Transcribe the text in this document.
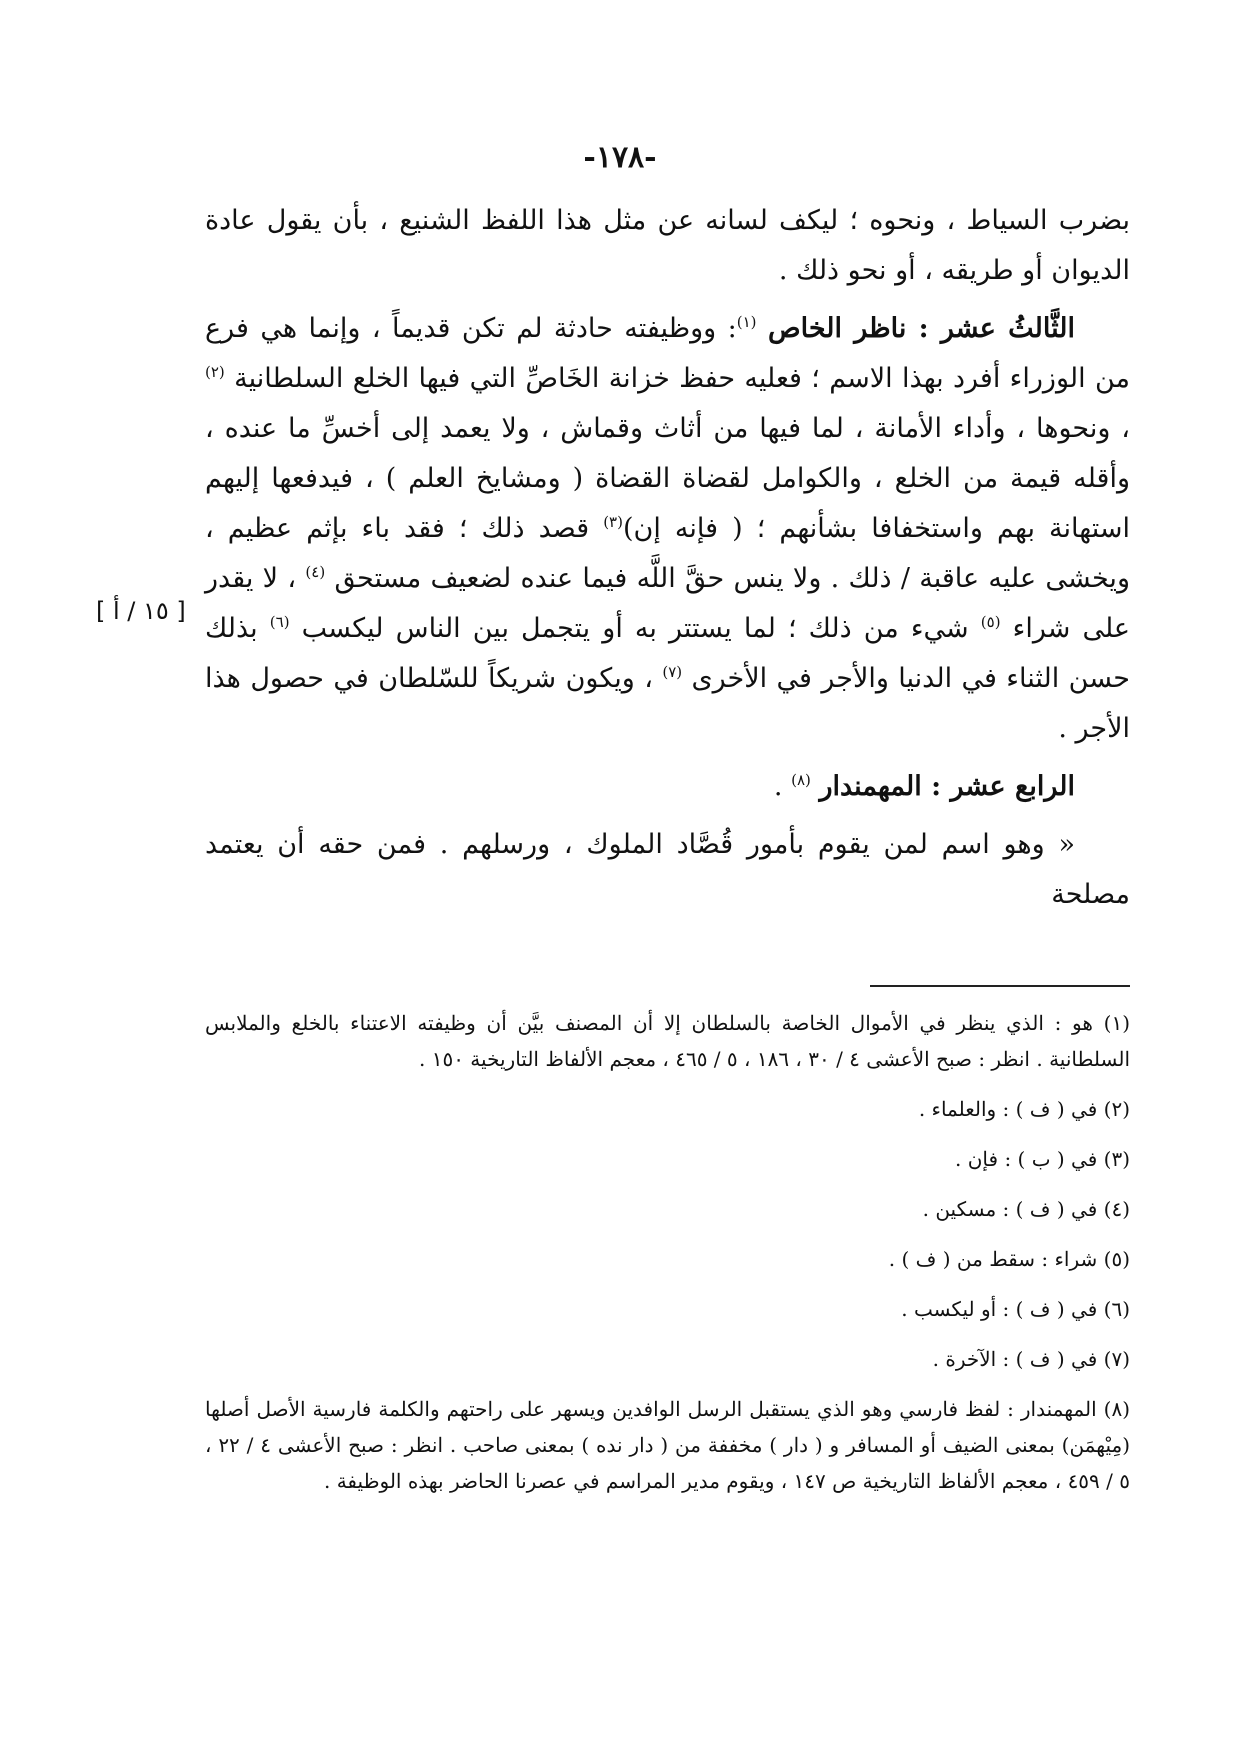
-١٧٨-
[ ١٥ / أ ]

بضرب السياط ، ونحوه ؛ ليكف لسانه عن مثل هذا اللفظ الشنيع ، بأن يقول عادة الديوان أو طريقه ، أو نحو ذلك .

الثَّالثُ عشر : ناظر الخاص $^{(١)}$: ووظيفته حادثة لم تكن قديماً ، وإنما هي فرع من الوزراء أفرد بهذا الاسم ؛ فعليه حفظ خزانة الخَاصِّ التي فيها الخلع السلطانية $^{(٢)}$ ، ونحوها ، وأداء الأمانة ، لما فيها من أثاث وقماش ، ولا يعمد إلى أخسِّ ما عنده ، وأقله قيمة من الخلع ، والكوامل لقضاة القضاة ( ومشايخ العلم ) ، فيدفعها إليهم استهانة بهم واستخفافا بشأنهم ؛ ( فإنه إن)$^{(٣)}$ قصد ذلك ؛ فقد باء بإثم عظيم ، ويخشى عليه عاقبة / ذلك . ولا ينس حقَّ اللَّه فيما عنده لضعيف مستحق $^{(٤)}$ ، لا يقدر على شراء $^{(٥)}$ شيء من ذلك ؛ لما يستتر به أو يتجمل بين الناس ليكسب $^{(٦)}$ بذلك حسن الثناء في الدنيا والأجر في الأخرى $^{(٧)}$ ، ويكون شريكاً للسّلطان في حصول هذا الأجر .

الرابع عشر : المهمندار $^{(٨)}$ .

« وهو اسم لمن يقوم بأمور قُصَّاد الملوك ، ورسلهم . فمن حقه أن يعتمد مصلحة

(١) هو : الذي ينظر في الأموال الخاصة بالسلطان إلا أن المصنف بيَّن أن وظيفته الاعتناء بالخلع والملابس السلطانية . انظر : صبح الأعشى ٤ / ٣٠ ، ١٨٦ ، ٥ / ٤٦٥ ، معجم الألفاظ التاريخية ١٥٠ .

(٢) في ( ف ) : والعلماء .

(٣) في ( ب ) : فإن .

(٤) في ( ف ) : مسكين .

(٥) شراء : سقط من ( ف ) .

(٦) في ( ف ) : أو ليكسب .

(٧) في ( ف ) : الآخرة .

(٨) المهمندار : لفظ فارسي وهو الذي يستقبل الرسل الوافدين ويسهر على راحتهم والكلمة فارسية الأصل أصلها (مِيْهمَن) بمعنى الضيف أو المسافر و ( دار ) مخففة من ( دار نده ) بمعنى صاحب . انظر : صبح الأعشى ٤ / ٢٢ ، ٥ / ٤٥٩ ، معجم الألفاظ التاريخية ص ١٤٧ ، ويقوم مدير المراسم في عصرنا الحاضر بهذه الوظيفة .
